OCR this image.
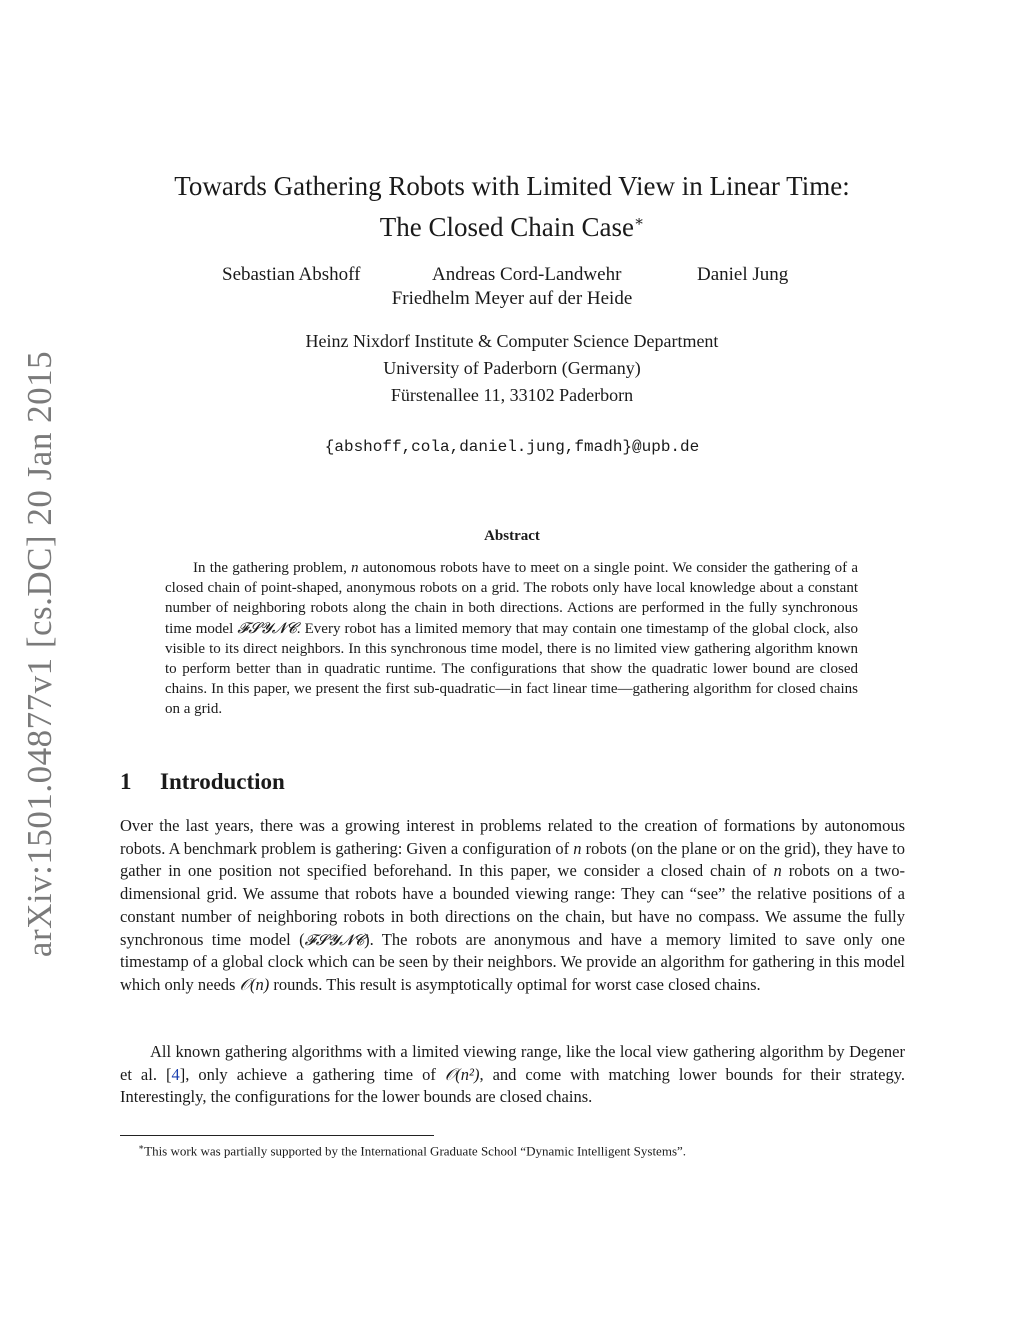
arXiv:1501.04877v1 [cs.DC] 20 Jan 2015
Towards Gathering Robots with Limited View in Linear Time:
The Closed Chain Case∗
Sebastian Abshoff	Andreas Cord-Landwehr	Daniel Jung
Friedhelm Meyer auf der Heide
Heinz Nixdorf Institute & Computer Science Department
University of Paderborn (Germany)
Fürstenallee 11, 33102 Paderborn
{abshoff,cola,daniel.jung,fmadh}@upb.de
Abstract
In the gathering problem, n autonomous robots have to meet on a single point. We consider the gathering of a closed chain of point-shaped, anonymous robots on a grid. The robots only have local knowledge about a constant number of neighboring robots along the chain in both directions. Actions are performed in the fully synchronous time model 𝓕𝓢𝓨𝓝𝓒. Every robot has a limited memory that may contain one timestamp of the global clock, also visible to its direct neighbors. In this synchronous time model, there is no limited view gathering algorithm known to perform better than in quadratic runtime. The configurations that show the quadratic lower bound are closed chains. In this paper, we present the first sub-quadratic—in fact linear time—gathering algorithm for closed chains on a grid.
1 Introduction
Over the last years, there was a growing interest in problems related to the creation of formations by autonomous robots. A benchmark problem is gathering: Given a configuration of n robots (on the plane or on the grid), they have to gather in one position not specified beforehand. In this paper, we consider a closed chain of n robots on a two-dimensional grid. We assume that robots have a bounded viewing range: They can “see” the relative positions of a constant number of neighboring robots in both directions on the chain, but have no compass. We assume the fully synchronous time model (𝓕𝓢𝓨𝓝𝓒). The robots are anonymous and have a memory limited to save only one timestamp of a global clock which can be seen by their neighbors. We provide an algorithm for gathering in this model which only needs 𝒪(n) rounds. This result is asymptotically optimal for worst case closed chains.
All known gathering algorithms with a limited viewing range, like the local view gathering algorithm by Degener et al. [4], only achieve a gathering time of 𝒪(n²), and come with matching lower bounds for their strategy. Interestingly, the configurations for the lower bounds are closed chains.
∗This work was partially supported by the International Graduate School “Dynamic Intelligent Systems”.
